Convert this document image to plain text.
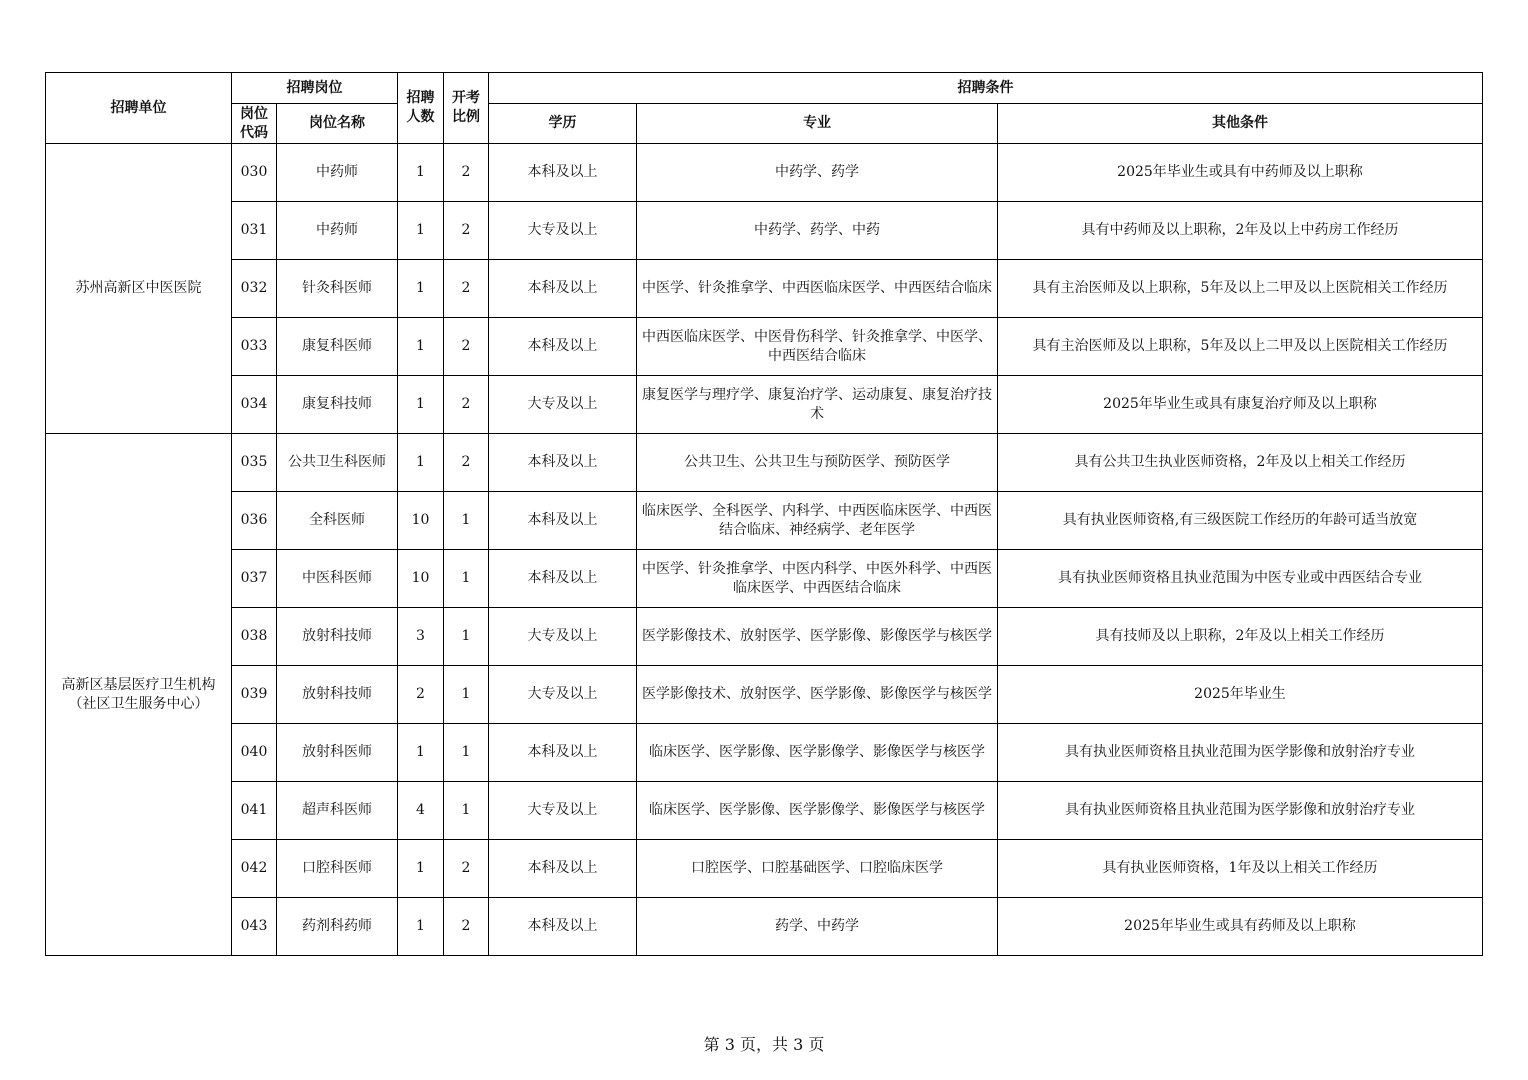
招聘单位	招聘岗位		招聘人数	开考比例	招聘条件		
	岗位代码	岗位名称			学历	专业	其他条件
苏州高新区中医医院	030	中药师	1	2	本科及以上	中药学、药学	2025年毕业生或具有中药师及以上职称
	031	中药师	1	2	大专及以上	中药学、药学、中药	具有中药师及以上职称，2年及以上中药房工作经历
	032	针灸科医师	1	2	本科及以上	中医学、针灸推拿学、中西医临床医学、中西医结合临床	具有主治医师及以上职称，5年及以上二甲及以上医院相关工作经历
	033	康复科医师	1	2	本科及以上	中西医临床医学、中医骨伤科学、针灸推拿学、中医学、中西医结合临床	具有主治医师及以上职称，5年及以上二甲及以上医院相关工作经历
	034	康复科技师	1	2	大专及以上	康复医学与理疗学、康复治疗学、运动康复、康复治疗技术	2025年毕业生或具有康复治疗师及以上职称
高新区基层医疗卫生机构（社区卫生服务中心）	035	公共卫生科医师	1	2	本科及以上	公共卫生、公共卫生与预防医学、预防医学	具有公共卫生执业医师资格，2年及以上相关工作经历
	036	全科医师	10	1	本科及以上	临床医学、全科医学、内科学、中西医临床医学、中西医结合临床、神经病学、老年医学	具有执业医师资格,有三级医院工作经历的年龄可适当放宽
	037	中医科医师	10	1	本科及以上	中医学、针灸推拿学、中医内科学、中医外科学、中西医临床医学、中西医结合临床	具有执业医师资格且执业范围为中医专业或中西医结合专业
	038	放射科技师	3	1	大专及以上	医学影像技术、放射医学、医学影像、影像医学与核医学	具有技师及以上职称，2年及以上相关工作经历
	039	放射科技师	2	1	大专及以上	医学影像技术、放射医学、医学影像、影像医学与核医学	2025年毕业生
	040	放射科医师	1	1	本科及以上	临床医学、医学影像、医学影像学、影像医学与核医学	具有执业医师资格且执业范围为医学影像和放射治疗专业
	041	超声科医师	4	1	大专及以上	临床医学、医学影像、医学影像学、影像医学与核医学	具有执业医师资格且执业范围为医学影像和放射治疗专业
	042	口腔科医师	1	2	本科及以上	口腔医学、口腔基础医学、口腔临床医学	具有执业医师资格，1年及以上相关工作经历
	043	药剂科药师	1	2	本科及以上	药学、中药学	2025年毕业生或具有药师及以上职称
第 3 页，共 3 页
